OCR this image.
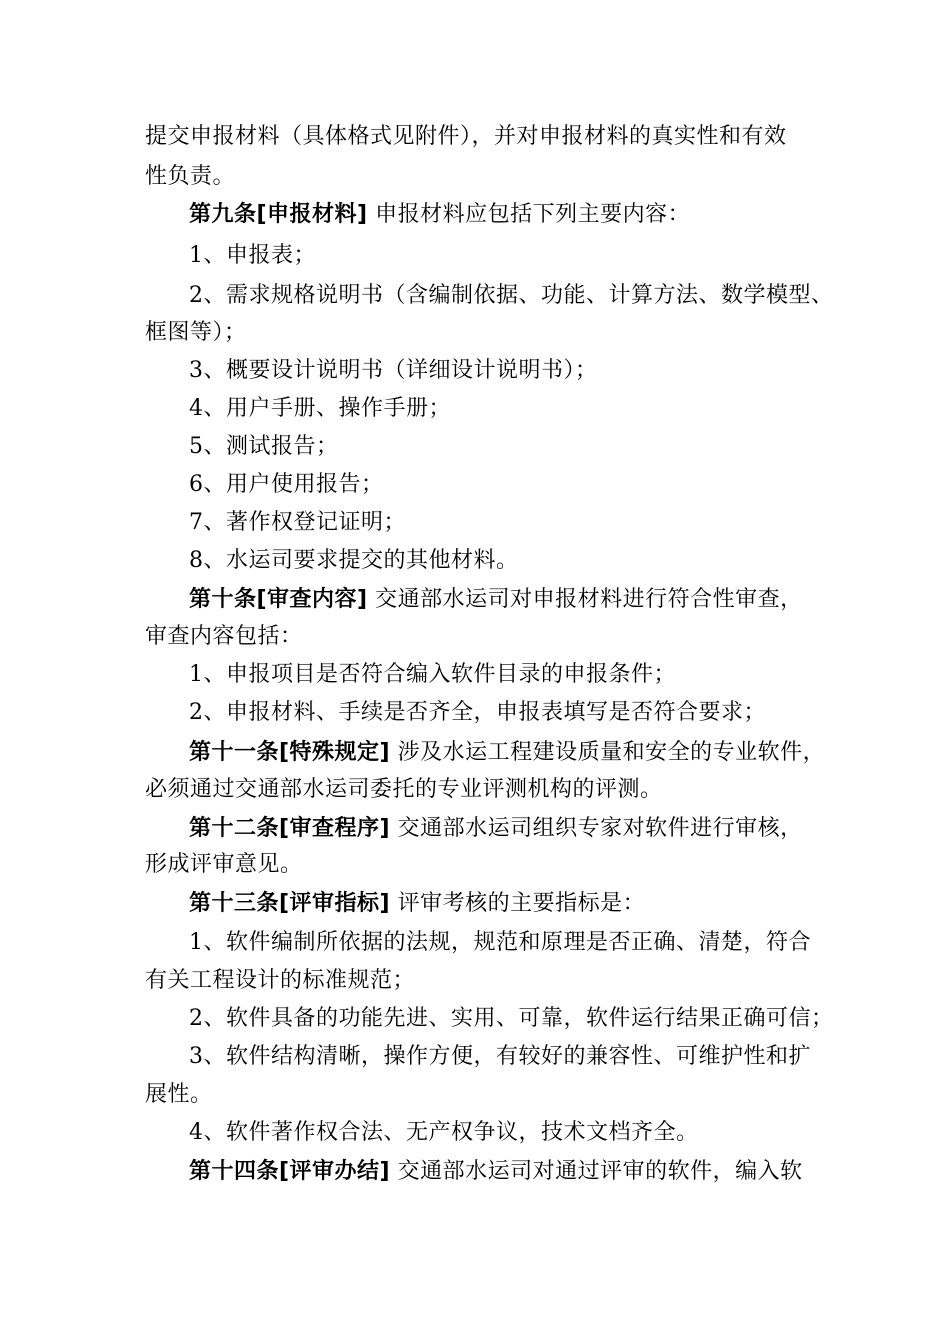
提交申报材料（具体格式见附件），并对申报材料的真实性和有效
性负责。
第九条[申报材料] 申报材料应包括下列主要内容：
1、申报表；
2、需求规格说明书（含编制依据、功能、计算方法、数学模型、
框图等）；
3、概要设计说明书（详细设计说明书）；
4、用户手册、操作手册；
5、测试报告；
6、用户使用报告；
7、著作权登记证明；
8、水运司要求提交的其他材料。
第十条[审查内容] 交通部水运司对申报材料进行符合性审查，
审查内容包括：
1、申报项目是否符合编入软件目录的申报条件；
2、申报材料、手续是否齐全，申报表填写是否符合要求；
第十一条[特殊规定] 涉及水运工程建设质量和安全的专业软件，
必须通过交通部水运司委托的专业评测机构的评测。
第十二条[审查程序] 交通部水运司组织专家对软件进行审核，
形成评审意见。
第十三条[评审指标] 评审考核的主要指标是：
1、软件编制所依据的法规，规范和原理是否正确、清楚，符合
有关工程设计的标准规范；
2、软件具备的功能先进、实用、可靠，软件运行结果正确可信；
3、软件结构清晰，操作方便，有较好的兼容性、可维护性和扩
展性。
4、软件著作权合法、无产权争议，技术文档齐全。
第十四条[评审办结] 交通部水运司对通过评审的软件，编入软
